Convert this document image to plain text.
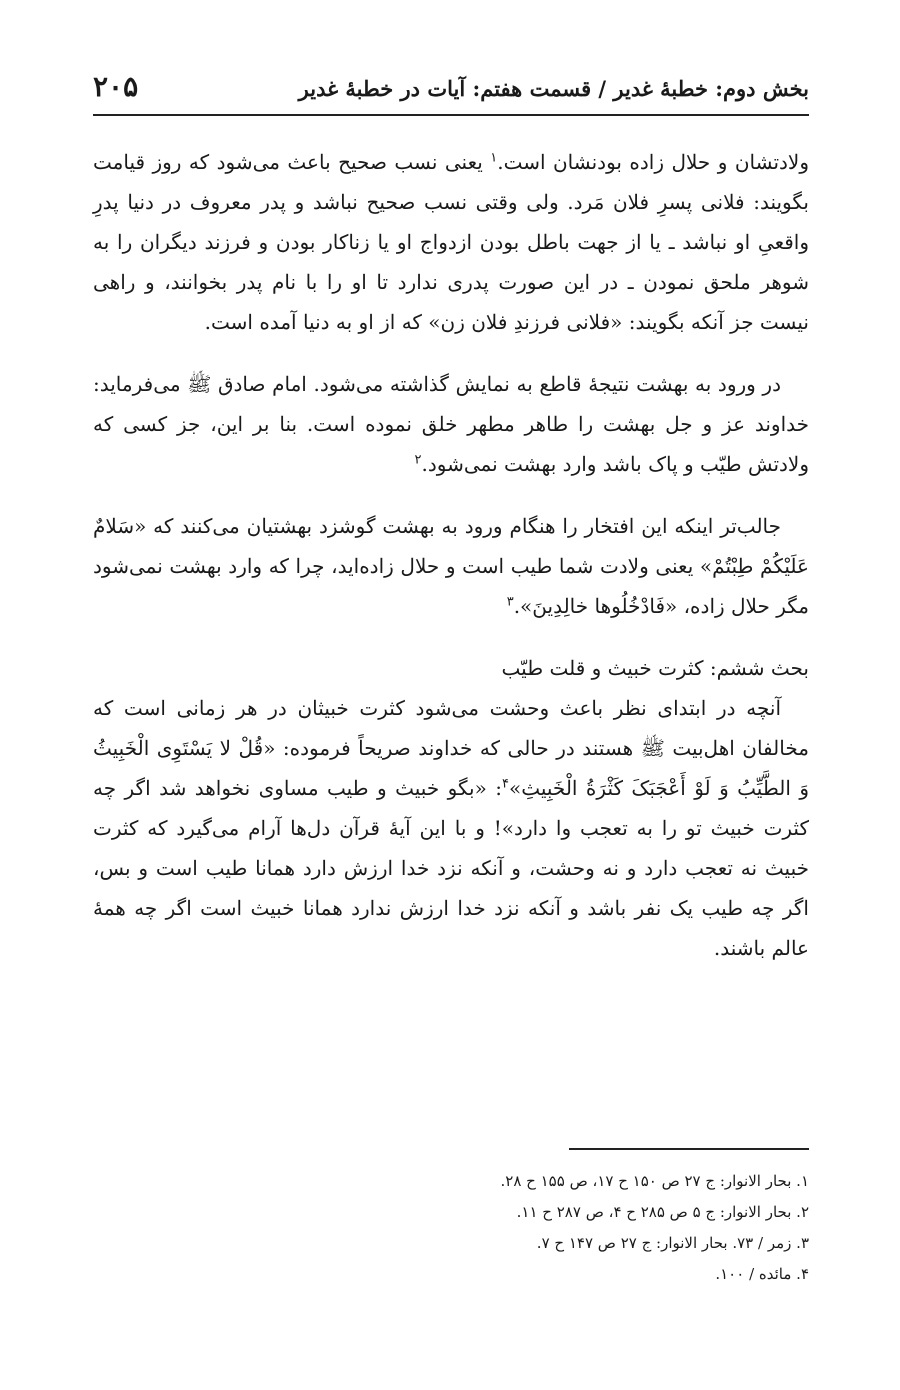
بخش دوم: خطبۀ غدیر / قسمت هفتم: آیات در خطبۀ غدیر
۲۰۵

ولادتشان و حلال زاده بودنشان است.$^۱$ یعنی نسب صحیح باعث می‌شود که روز قیامت بگویند: فلانی پسرِ فلان مَرد. ولی وقتی نسب صحیح نباشد و پدر معروف در دنیا پدرِ واقعیِ او نباشد ـ یا از جهت باطل بودن ازدواج او یا زناکار بودن و فرزند دیگران را به شوهر ملحق نمودن ـ در این صورت پدری ندارد تا او را با نام پدر بخوانند، و راهی نیست جز آنکه بگویند: «فلانی فرزندِ فلان زن» که از او به دنیا آمده است.

در ورود به بهشت نتیجۀ قاطع به نمایش گذاشته می‌شود. امام صادق ﷺ می‌فرماید: خداوند عز و جل بهشت را طاهر مطهر خلق نموده است. بنا بر این، جز کسی که ولادتش طیّب و پاک باشد وارد بهشت نمی‌شود.$^۲$

جالب‌تر اینکه این افتخار را هنگام ورود به بهشت گوشزد بهشتیان می‌کنند که «سَلامٌ عَلَیْکُمْ طِبْتُمْ» یعنی ولادت شما طیب است و حلال زاده‌اید، چرا که وارد بهشت نمی‌شود مگر حلال زاده، «فَادْخُلُوها خالِدِینَ».$^۳$

بحث ششم: کثرت خبیث و قلت طیّب

آنچه در ابتدای نظر باعث وحشت می‌شود کثرت خبیثان در هر زمانی است که مخالفان اهل‌بیت ﷺ هستند در حالی که خداوند صریحاً فرموده: «قُلْ لا یَسْتَوِی الْخَبِیثُ وَ الطَّیِّبُ وَ لَوْ أَعْجَبَکَ کَثْرَةُ الْخَبِیثِ»$^۴$: «بگو خبیث و طیب مساوی نخواهد شد اگر چه کثرت خبیث تو را به تعجب وا دارد»! و با این آیۀ قرآن دل‌ها آرام می‌گیرد که کثرت خبیث نه تعجب دارد و نه وحشت، و آنکه نزد خدا ارزش دارد همانا طیب است و بس، اگر چه طیب یک نفر باشد و آنکه نزد خدا ارزش ندارد همانا خبیث است اگر چه همۀ عالم باشند.

۱. بحار الانوار: ج ۲۷ ص ۱۵۰ ح ۱۷، ص ۱۵۵ ح ۲۸.
۲. بحار الانوار: ج ۵ ص ۲۸۵ ح ۴، ص ۲۸۷ ح ۱۱.
۳. زمر / ۷۳. بحار الانوار: ج ۲۷ ص ۱۴۷ ح ۷.
۴. مائده / ۱۰۰.
